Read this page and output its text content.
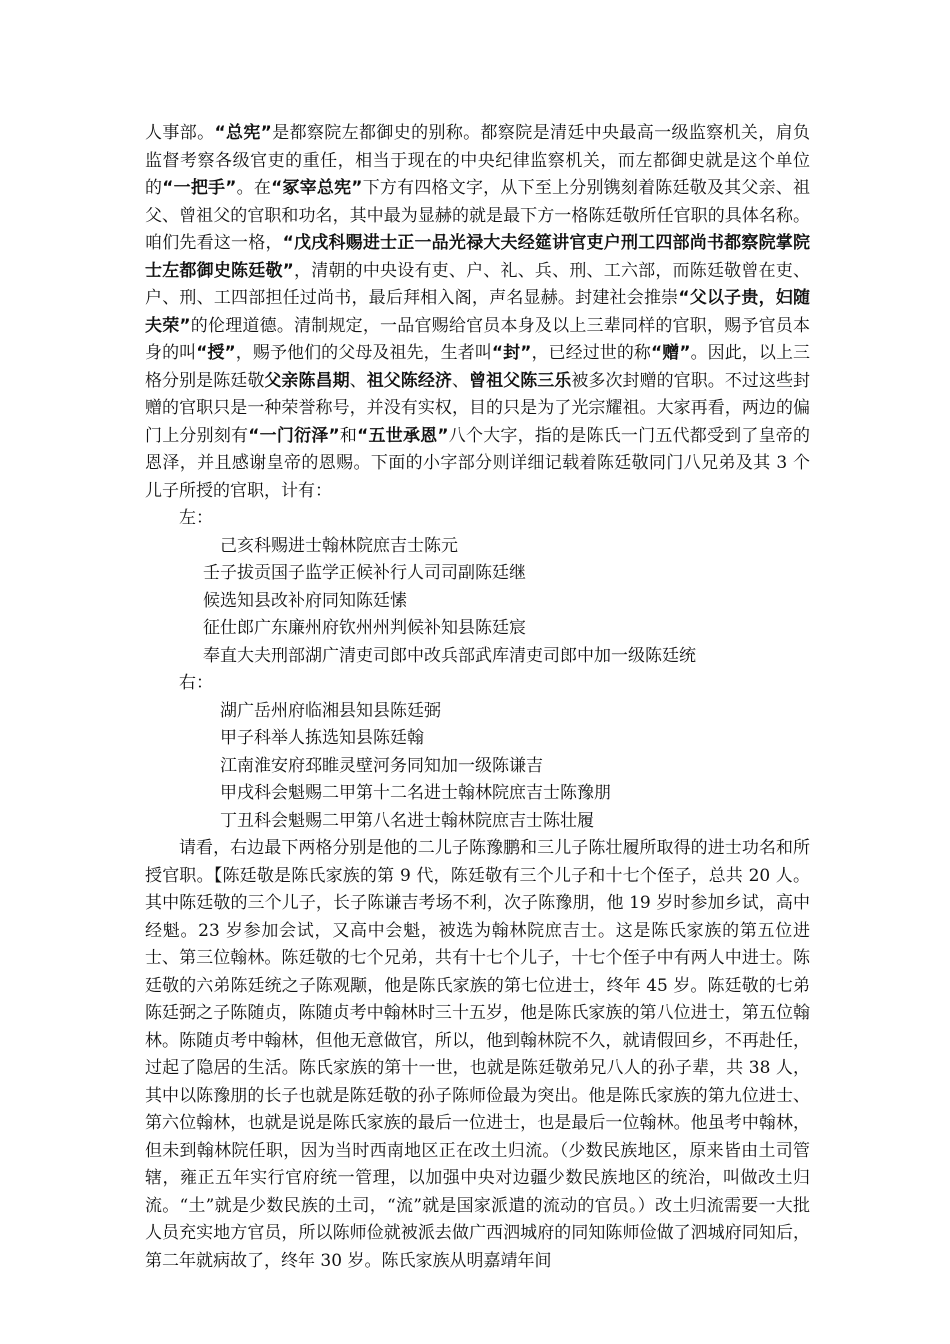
人事部。“总宪”是都察院左都御史的别称。都察院是清廷中央最高一级监察机关，肩负监督考察各级官吏的重任，相当于现在的中央纪律监察机关，而左都御史就是这个单位的“一把手”。在“冢宰总宪”下方有四格文字，从下至上分别镌刻着陈廷敬及其父亲、祖父、曾祖父的官职和功名，其中最为显赫的就是最下方一格陈廷敬所任官职的具体名称。咱们先看这一格，“戊戌科赐进士正一品光禄大夫经筵讲官吏户刑工四部尚书都察院掌院士左都御史陈廷敬”，清朝的中央设有吏、户、礼、兵、刑、工六部，而陈廷敬曾在吏、户、刑、工四部担任过尚书，最后拜相入阁，声名显赫。封建社会推崇“父以子贵，妇随夫荣”的伦理道德。清制规定，一品官赐给官员本身及以上三辈同样的官职，赐予官员本身的叫“授”，赐予他们的父母及祖先，生者叫“封”，已经过世的称“赠”。因此，以上三格分别是陈廷敬父亲陈昌期、祖父陈经济、曾祖父陈三乐被多次封赠的官职。不过这些封赠的官职只是一种荣誉称号，并没有实权，目的只是为了光宗耀祖。大家再看，两边的偏门上分别刻有“一门衍泽”和“五世承恩”八个大字，指的是陈氏一门五代都受到了皇帝的恩泽，并且感谢皇帝的恩赐。下面的小字部分则详细记载着陈廷敬同门八兄弟及其 3 个儿子所授的官职，计有：

左：

己亥科赐进士翰林院庶吉士陈元

壬子拔贡国子监学正候补行人司司副陈廷继

候选知县改补府同知陈廷愫

征仕郎广东廉州府钦州州判候补知县陈廷宸

奉直大夫刑部湖广清吏司郎中改兵部武库清吏司郎中加一级陈廷统

右：

湖广岳州府临湘县知县陈廷弼

甲子科举人拣选知县陈廷翰

江南淮安府邳睢灵壁河务同知加一级陈谦吉

甲戌科会魁赐二甲第十二名进士翰林院庶吉士陈豫朋

丁丑科会魁赐二甲第八名进士翰林院庶吉士陈壮履

请看，右边最下两格分别是他的二儿子陈豫鹏和三儿子陈壮履所取得的进士功名和所授官职。【陈廷敬是陈氏家族的第 9 代，陈廷敬有三个儿子和十七个侄子，总共 20 人。其中陈廷敬的三个儿子，长子陈谦吉考场不利，次子陈豫朋，他 19 岁时参加乡试，高中经魁。23 岁参加会试，又高中会魁，被选为翰林院庶吉士。这是陈氏家族的第五位进士、第三位翰林。陈廷敬的七个兄弟，共有十七个儿子，十七个侄子中有两人中进士。陈廷敬的六弟陈廷统之子陈观颙，他是陈氏家族的第七位进士，终年 45 岁。陈廷敬的七弟陈廷弼之子陈随贞，陈随贞考中翰林时三十五岁，他是陈氏家族的第八位进士，第五位翰林。陈随贞考中翰林，但他无意做官，所以，他到翰林院不久，就请假回乡，不再赴任，过起了隐居的生活。陈氏家族的第十一世，也就是陈廷敬弟兄八人的孙子辈，共 38 人，其中以陈豫朋的长子也就是陈廷敬的孙子陈师俭最为突出。他是陈氏家族的第九位进士、第六位翰林，也就是说是陈氏家族的最后一位进士，也是最后一位翰林。他虽考中翰林，但未到翰林院任职，因为当时西南地区正在改土归流。（少数民族地区，原来皆由土司管辖，雍正五年实行官府统一管理，以加强中央对边疆少数民族地区的统治，叫做改土归流。“土”就是少数民族的土司，“流”就是国家派遣的流动的官员。）改土归流需要一大批人员充实地方官员，所以陈师俭就被派去做广西泗城府的同知陈师俭做了泗城府同知后，第二年就病故了，终年 30 岁。陈氏家族从明嘉靖年间
